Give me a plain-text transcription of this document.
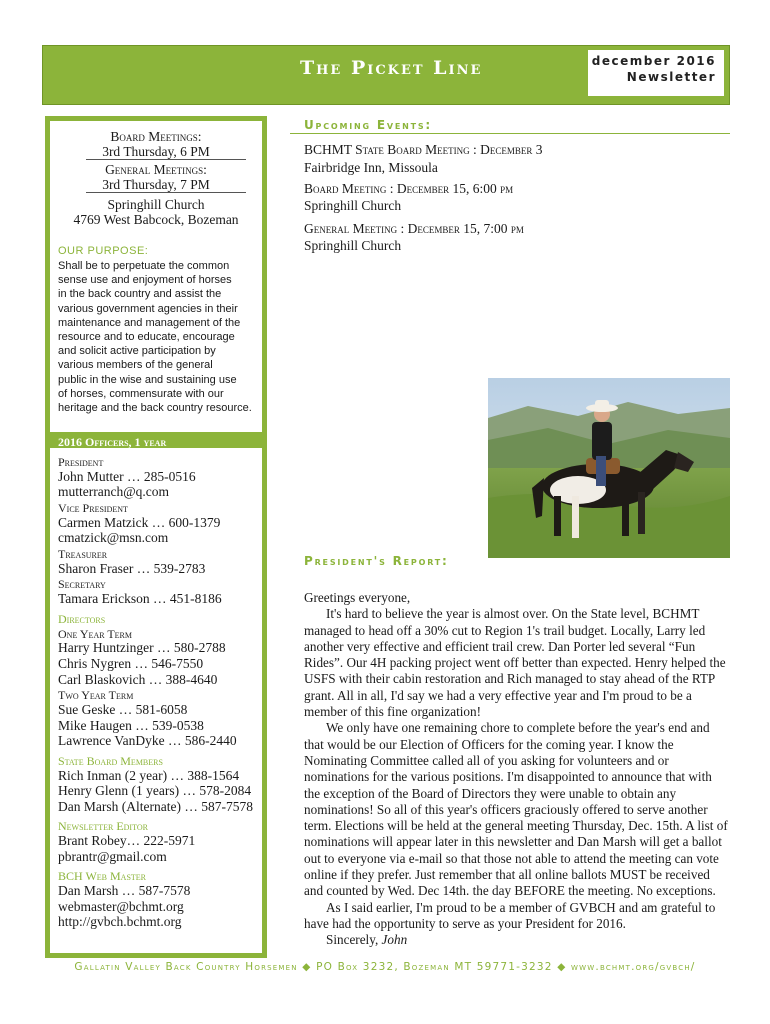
The Picket Line	december 2016
Newsletter
Board Meetings:
3rd Thursday, 6 PM
General Meetings:
3rd Thursday, 7 PM
Springhill Church
4769 West Babcock, Bozeman
OUR PURPOSE:
Shall be to perpetuate the common
sense use and enjoyment of horses
in the back country and assist the
various government agencies in their
maintenance and management of the
resource and to educate, encourage
and solicit active participation by
various members of the general
public in the wise and sustaining use
of horses, commensurate with our
heritage and the back country resource.
2016 Officers, 1 year
President
John Mutter … 285-0516
mutterranch@q.com
Vice President
Carmen Matzick … 600-1379
cmatzick@msn.com
Treasurer
Sharon Fraser … 539-2783
Secretary
Tamara Erickson … 451-8186
Directors
One Year Term
Harry Huntzinger … 580-2788
Chris Nygren … 546-7550
Carl Blaskovich … 388-4640
Two Year Term
Sue Geske … 581-6058
Mike Haugen … 539-0538
Lawrence VanDyke … 586-2440
State Board Members
Rich Inman (2 year) … 388-1564
Henry Glenn (1 years) … 578-2084
Dan Marsh (Alternate) … 587-7578
Newsletter Editor
Brant Robey… 222-5971
pbrantr@gmail.com
BCH Web Master
Dan Marsh … 587-7578
webmaster@bchmt.org
http://gvbch.bchmt.org
Upcoming Events:
BCHMT State Board Meeting : December 3
Fairbridge Inn, Missoula
Board Meeting : December 15, 6:00 pm
Springhill Church
General Meeting : December 15, 7:00 pm
Springhill Church
President's Report:

Greetings everyone,

It's hard to believe the year is almost over. On the State level, BCHMT managed to head off a 30% cut to Region 1's trail budget. Locally, Larry led another very effective and efficient trail crew. Dan Porter led several “Fun Rides”. Our 4H packing project went off better than expected. Henry helped the USFS with their cabin restoration and Rich managed to stay ahead of the RTP grant. All in all, I'd say we had a very effective year and I'm proud to be a member of this fine organization!

We only have one remaining chore to complete before the year's end and that would be our Election of Officers for the coming year. I know the Nominating Committee called all of you asking for volunteers and or nominations for the various positions. I'm disappointed to announce that with the exception of the Board of Directors they were unable to obtain any nominations! So all of this year's officers graciously offered to serve another term. Elections will be held at the general meeting Thursday, Dec. 15th. A list of nominations will appear later in this newsletter and Dan Marsh will get a ballot out to everyone via e-mail so that those not able to attend the meeting can vote online if they prefer. Just remember that all online ballots MUST be received and counted by Wed. Dec 14th. the day BEFORE the meeting. No exceptions.

As I said earlier, I'm proud to be a member of GVBCH and am grateful to have had the opportunity to serve as your President for 2016.

Sincerely, John

Gallatin Valley Back Country Horsemen ◆ PO Box 3232, Bozeman MT 59771-3232 ◆ www.bchmt.org/gvbch/
